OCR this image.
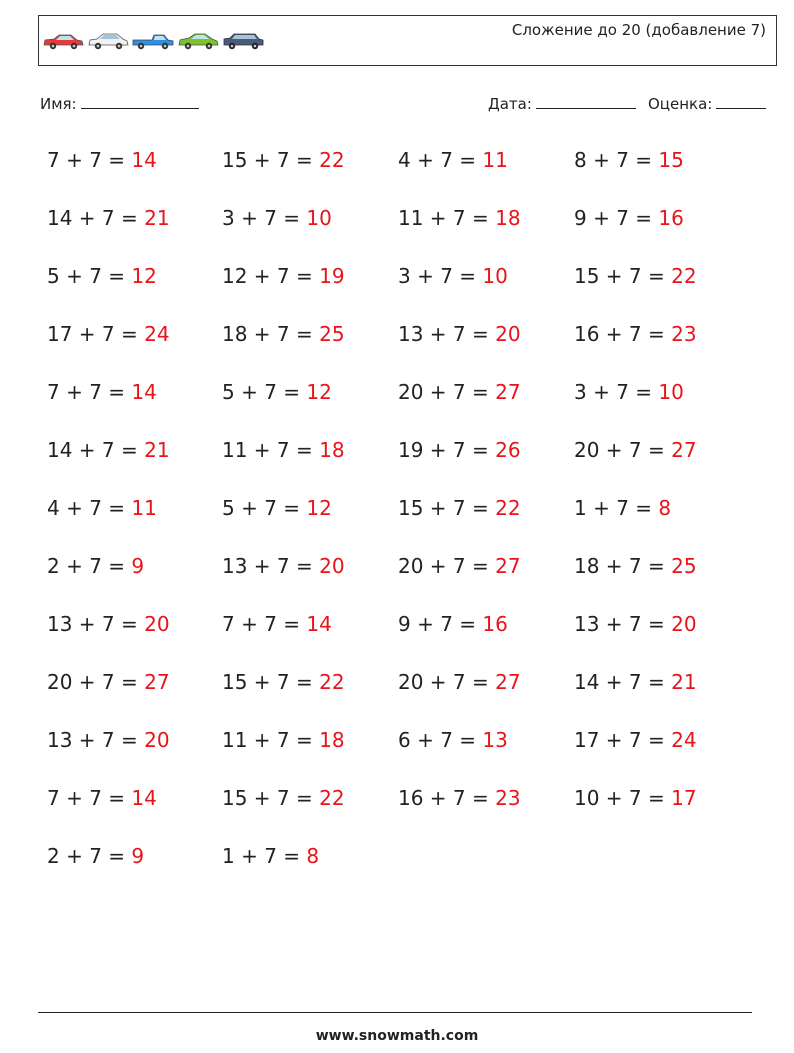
Сложение до 20 (добавление 7)
Имя:	Дата:	Оценка:
7 + 7 = 14
14 + 7 = 21
5 + 7 = 12
17 + 7 = 24
7 + 7 = 14
14 + 7 = 21
4 + 7 = 11
2 + 7 = 9
13 + 7 = 20
20 + 7 = 27
13 + 7 = 20
7 + 7 = 14
2 + 7 = 9
15 + 7 = 22
3 + 7 = 10
12 + 7 = 19
18 + 7 = 25
5 + 7 = 12
11 + 7 = 18
5 + 7 = 12
13 + 7 = 20
7 + 7 = 14
15 + 7 = 22
11 + 7 = 18
15 + 7 = 22
1 + 7 = 8
4 + 7 = 11
11 + 7 = 18
3 + 7 = 10
13 + 7 = 20
20 + 7 = 27
19 + 7 = 26
15 + 7 = 22
20 + 7 = 27
9 + 7 = 16
20 + 7 = 27
6 + 7 = 13
16 + 7 = 23
8 + 7 = 15
9 + 7 = 16
15 + 7 = 22
16 + 7 = 23
3 + 7 = 10
20 + 7 = 27
1 + 7 = 8
18 + 7 = 25
13 + 7 = 20
14 + 7 = 21
17 + 7 = 24
10 + 7 = 17
www.snowmath.com
